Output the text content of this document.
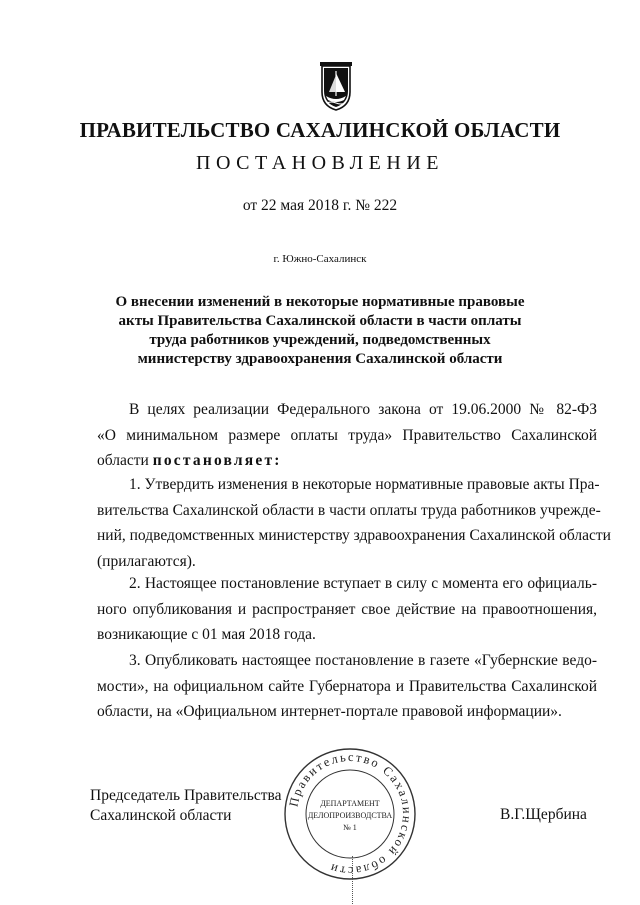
ПРАВИТЕЛЬСТВО САХАЛИНСКОЙ ОБЛАСТИ
ПОСТАНОВЛЕНИЕ
от 22 мая 2018 г. № 222
г. Южно-Сахалинск
О внесении изменений в некоторые нормативные правовые
акты Правительства Сахалинской области в части оплаты
труда работников учреждений, подведомственных
министерству здравоохранения Сахалинской области
В целях реализации Федерального закона от 19.06.2000 № 82-ФЗ
«О минимальном размере оплаты труда» Правительство Сахалинской
области постановляет:
1. Утвердить изменения в некоторые нормативные правовые акты Пра-
вительства Сахалинской области в части оплаты труда работников учрежде-
ний, подведомственных министерству здравоохранения Сахалинской области
(прилагаются).
2. Настоящее постановление вступает в силу с момента его официаль-
ного опубликования и распространяет свое действие на правоотношения,
возникающие с 01 мая 2018 года.
3. Опубликовать настоящее постановление в газете «Губернские ведо-
мости», на официальном сайте Губернатора и Правительства Сахалинской
области, на «Официальном интернет-портале правовой информации».
Председатель Правительства
Сахалинской области	В.Г.Щербина
Правительство Сахалинской области
ДЕПАРТАМЕНТ
ДЕЛОПРОИЗВОДСТВА
№ 1
